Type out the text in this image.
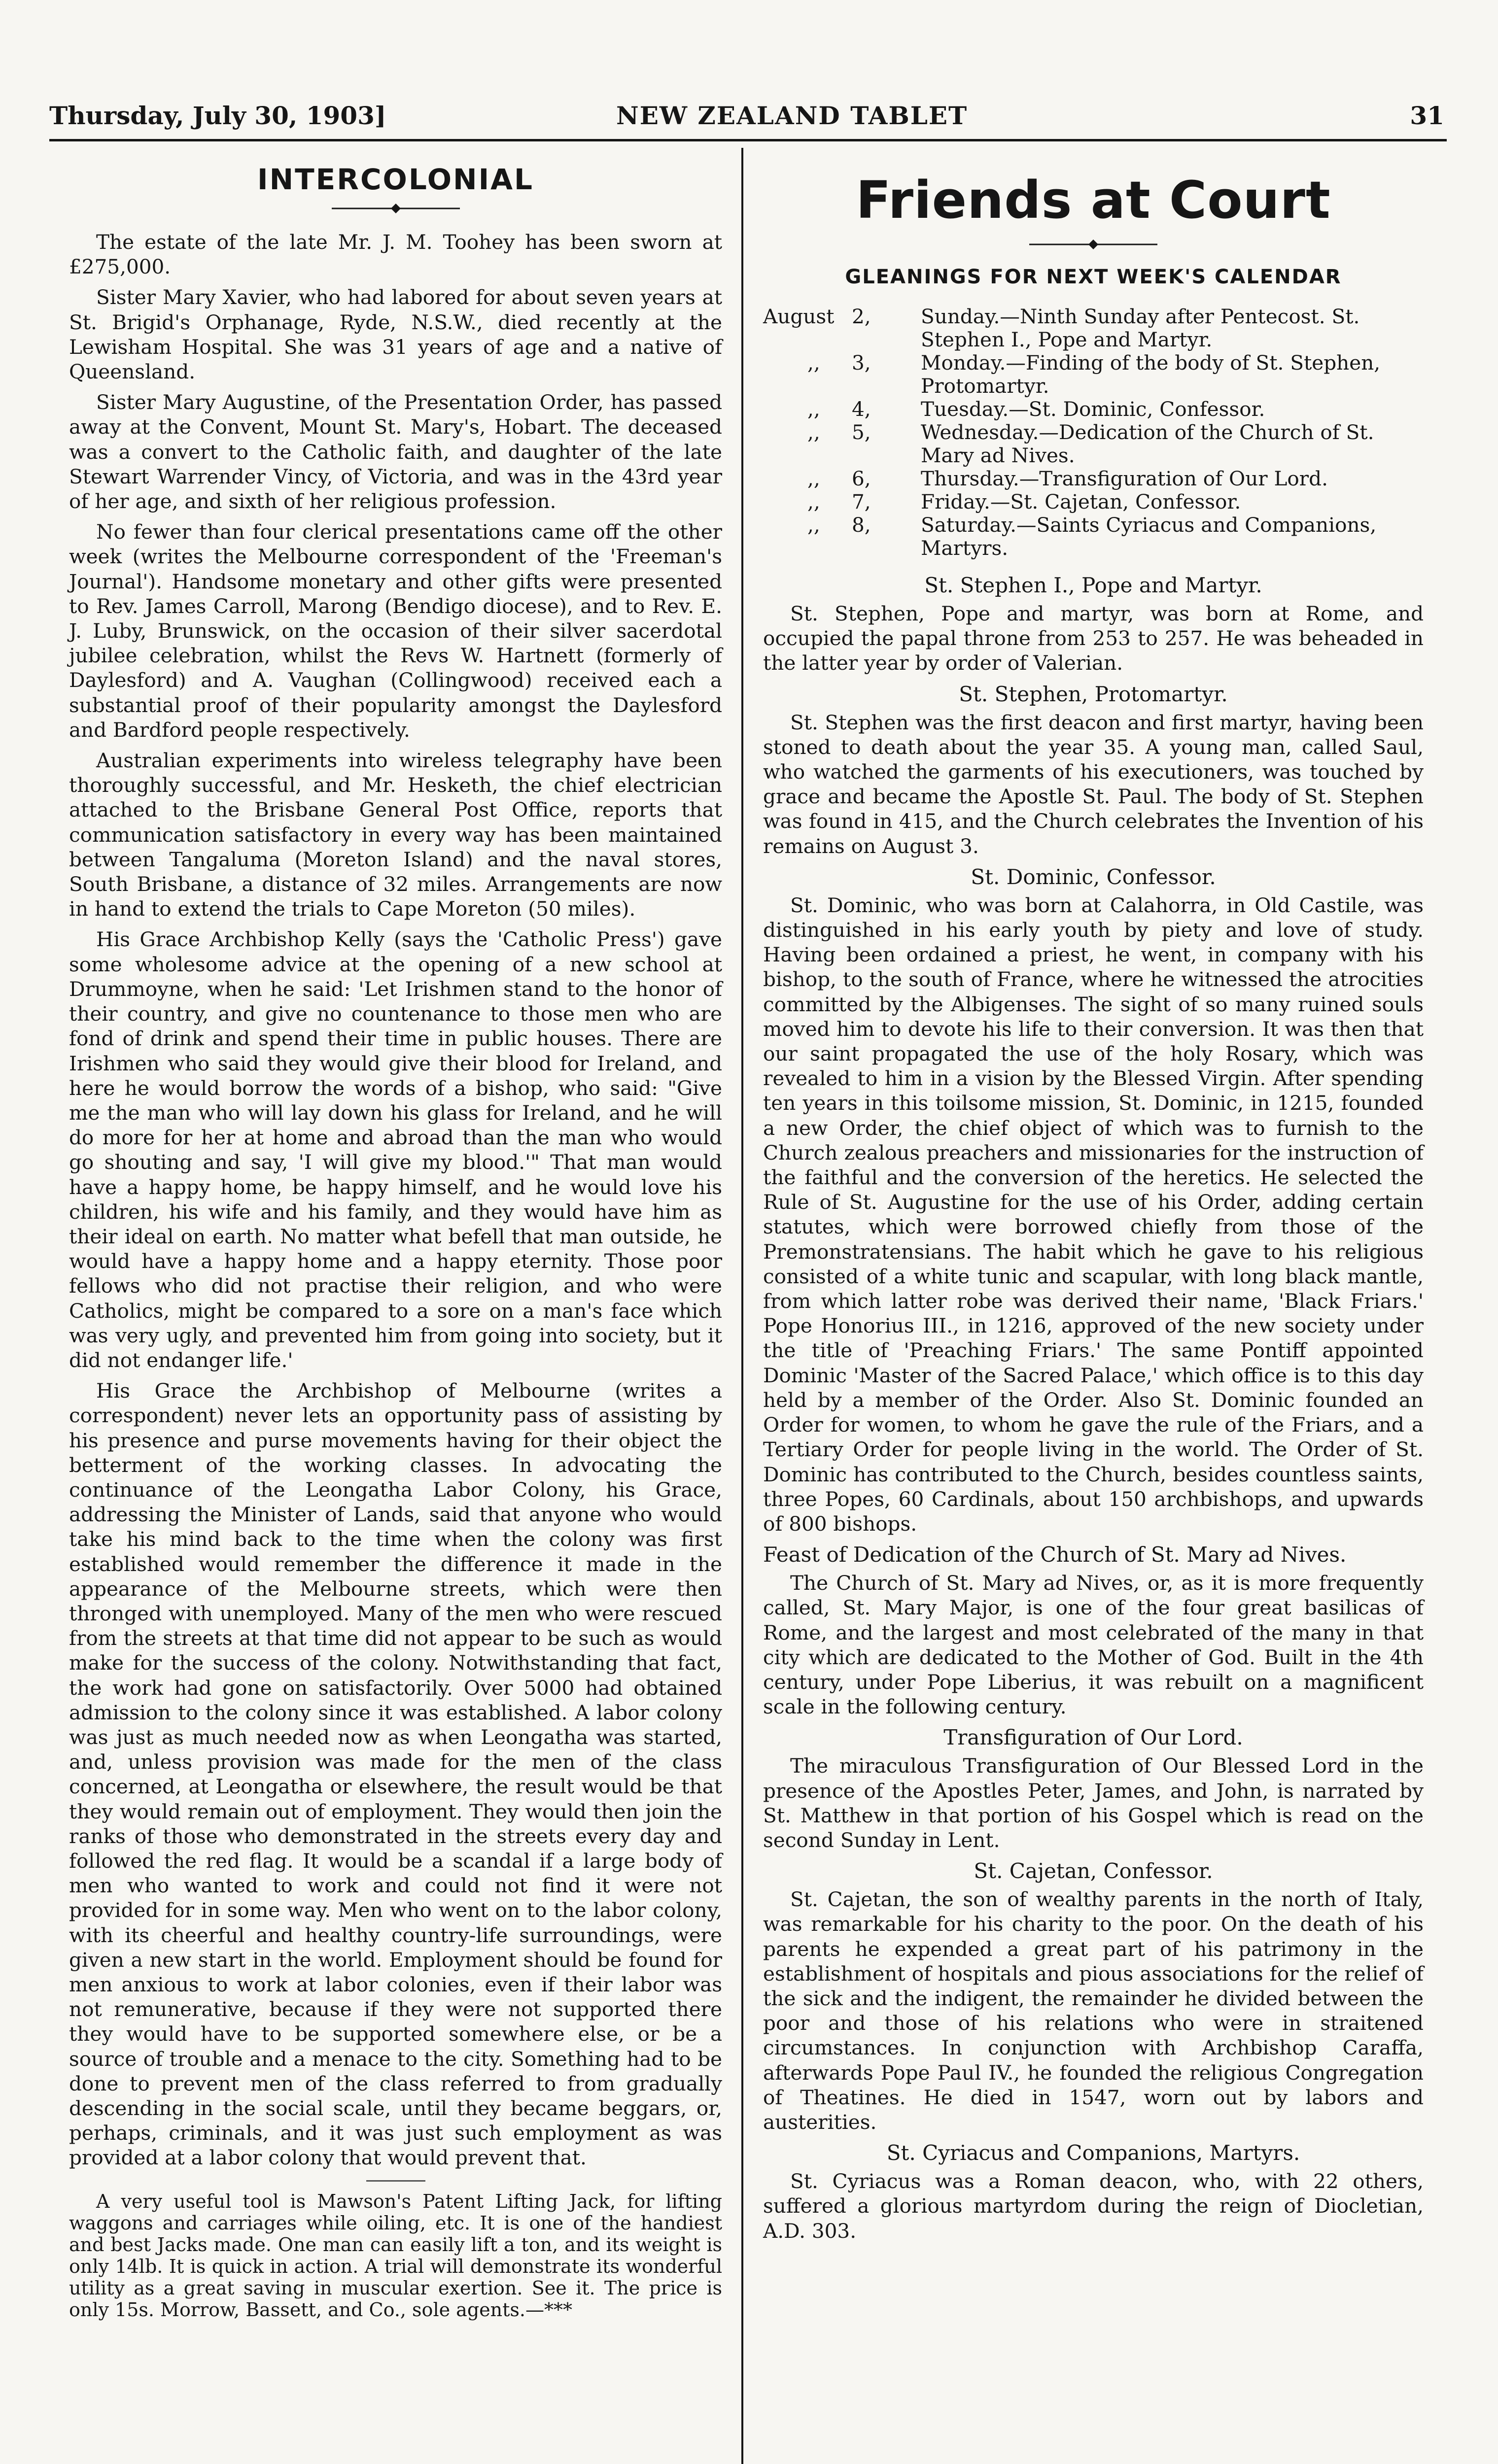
Thursday, July 30, 1903]	NEW ZEALAND TABLET	31
INTERCOLONIAL

The estate of the late Mr. J. M. Toohey has been sworn at £275,000.

Sister Mary Xavier, who had labored for about seven years at St. Brigid's Orphanage, Ryde, N.S.W., died recently at the Lewisham Hospital. She was 31 years of age and a native of Queensland.

Sister Mary Augustine, of the Presentation Order, has passed away at the Convent, Mount St. Mary's, Hobart. The deceased was a convert to the Catholic faith, and daughter of the late Stewart Warrender Vincy, of Victoria, and was in the 43rd year of her age, and sixth of her religious profession.

No fewer than four clerical presentations came off the other week (writes the Melbourne correspondent of the 'Freeman's Journal'). Handsome monetary and other gifts were presented to Rev. James Carroll, Marong (Bendigo diocese), and to Rev. E. J. Luby, Brunswick, on the occasion of their silver sacerdotal jubilee celebration, whilst the Revs W. Hartnett (formerly of Daylesford) and A. Vaughan (Collingwood) received each a substantial proof of their popularity amongst the Daylesford and Bardford people respectively.

Australian experiments into wireless telegraphy have been thoroughly successful, and Mr. Hesketh, the chief electrician attached to the Brisbane General Post Office, reports that communication satisfactory in every way has been maintained between Tangaluma (Moreton Island) and the naval stores, South Brisbane, a distance of 32 miles. Arrangements are now in hand to extend the trials to Cape Moreton (50 miles).

His Grace Archbishop Kelly (says the 'Catholic Press') gave some wholesome advice at the opening of a new school at Drummoyne, when he said: 'Let Irishmen stand to the honor of their country, and give no countenance to those men who are fond of drink and spend their time in public houses. There are Irishmen who said they would give their blood for Ireland, and here he would borrow the words of a bishop, who said: "Give me the man who will lay down his glass for Ireland, and he will do more for her at home and abroad than the man who would go shouting and say, 'I will give my blood.'" That man would have a happy home, be happy himself, and he would love his children, his wife and his family, and they would have him as their ideal on earth. No matter what befell that man outside, he would have a happy home and a happy eternity. Those poor fellows who did not practise their religion, and who were Catholics, might be compared to a sore on a man's face which was very ugly, and prevented him from going into society, but it did not endanger life.'

His Grace the Archbishop of Melbourne (writes a correspondent) never lets an opportunity pass of assisting by his presence and purse movements having for their object the betterment of the working classes. In advocating the continuance of the Leongatha Labor Colony, his Grace, addressing the Minister of Lands, said that anyone who would take his mind back to the time when the colony was first established would remember the difference it made in the appearance of the Melbourne streets, which were then thronged with unemployed. Many of the men who were rescued from the streets at that time did not appear to be such as would make for the success of the colony. Notwithstanding that fact, the work had gone on satisfactorily. Over 5000 had obtained admission to the colony since it was established. A labor colony was just as much needed now as when Leongatha was started, and, unless provision was made for the men of the class concerned, at Leongatha or elsewhere, the result would be that they would remain out of employment. They would then join the ranks of those who demonstrated in the streets every day and followed the red flag. It would be a scandal if a large body of men who wanted to work and could not find it were not provided for in some way. Men who went on to the labor colony, with its cheerful and healthy country-life surroundings, were given a new start in the world. Employment should be found for men anxious to work at labor colonies, even if their labor was not remunerative, because if they were not supported there they would have to be supported somewhere else, or be a source of trouble and a menace to the city. Something had to be done to prevent men of the class referred to from gradually descending in the social scale, until they became beggars, or, perhaps, criminals, and it was just such employment as was provided at a labor colony that would prevent that.

A very useful tool is Mawson's Patent Lifting Jack, for lifting waggons and carriages while oiling, etc. It is one of the handiest and best Jacks made. One man can easily lift a ton, and its weight is only 14lb. It is quick in action. A trial will demonstrate its wonderful utility as a great saving in muscular exertion. See it. The price is only 15s. Morrow, Bassett, and Co., sole agents.—***

Friends at Court
GLEANINGS FOR NEXT WEEK'S CALENDAR
August 2,	Sunday.—Ninth Sunday after Pentecost. St. Stephen I., Pope and Martyr.
,, 3,	Monday.—Finding of the body of St. Stephen, Protomartyr.
,, 4,	Tuesday.—St. Dominic, Confessor.
,, 5,	Wednesday.—Dedication of the Church of St. Mary ad Nives.
,, 6,	Thursday.—Transfiguration of Our Lord.
,, 7,	Friday.—St. Cajetan, Confessor.
,, 8,	Saturday.—Saints Cyriacus and Companions, Martyrs.
St. Stephen I., Pope and Martyr.

St. Stephen, Pope and martyr, was born at Rome, and occupied the papal throne from 253 to 257. He was beheaded in the latter year by order of Valerian.

St. Stephen, Protomartyr.

St. Stephen was the first deacon and first martyr, having been stoned to death about the year 35. A young man, called Saul, who watched the garments of his executioners, was touched by grace and became the Apostle St. Paul. The body of St. Stephen was found in 415, and the Church celebrates the Invention of his remains on August 3.

St. Dominic, Confessor.

St. Dominic, who was born at Calahorra, in Old Castile, was distinguished in his early youth by piety and love of study. Having been ordained a priest, he went, in company with his bishop, to the south of France, where he witnessed the atrocities committed by the Albigenses. The sight of so many ruined souls moved him to devote his life to their conversion. It was then that our saint propagated the use of the holy Rosary, which was revealed to him in a vision by the Blessed Virgin. After spending ten years in this toilsome mission, St. Dominic, in 1215, founded a new Order, the chief object of which was to furnish to the Church zealous preachers and missionaries for the instruction of the faithful and the conversion of the heretics. He selected the Rule of St. Augustine for the use of his Order, adding certain statutes, which were borrowed chiefly from those of the Premonstratensians. The habit which he gave to his religious consisted of a white tunic and scapular, with long black mantle, from which latter robe was derived their name, 'Black Friars.' Pope Honorius III., in 1216, approved of the new society under the title of 'Preaching Friars.' The same Pontiff appointed Dominic 'Master of the Sacred Palace,' which office is to this day held by a member of the Order. Also St. Dominic founded an Order for women, to whom he gave the rule of the Friars, and a Tertiary Order for people living in the world. The Order of St. Dominic has contributed to the Church, besides countless saints, three Popes, 60 Cardinals, about 150 archbishops, and upwards of 800 bishops.

Feast of Dedication of the Church of St. Mary ad Nives.

The Church of St. Mary ad Nives, or, as it is more frequently called, St. Mary Major, is one of the four great basilicas of Rome, and the largest and most celebrated of the many in that city which are dedicated to the Mother of God. Built in the 4th century, under Pope Liberius, it was rebuilt on a magnificent scale in the following century.

Transfiguration of Our Lord.

The miraculous Transfiguration of Our Blessed Lord in the presence of the Apostles Peter, James, and John, is narrated by St. Matthew in that portion of his Gospel which is read on the second Sunday in Lent.

St. Cajetan, Confessor.

St. Cajetan, the son of wealthy parents in the north of Italy, was remarkable for his charity to the poor. On the death of his parents he expended a great part of his patrimony in the establishment of hospitals and pious associations for the relief of the sick and the indigent, the remainder he divided between the poor and those of his relations who were in straitened circumstances. In conjunction with Archbishop Caraffa, afterwards Pope Paul IV., he founded the religious Congregation of Theatines. He died in 1547, worn out by labors and austerities.

St. Cyriacus and Companions, Martyrs.

St. Cyriacus was a Roman deacon, who, with 22 others, suffered a glorious martyrdom during the reign of Diocletian, A.D. 303.
